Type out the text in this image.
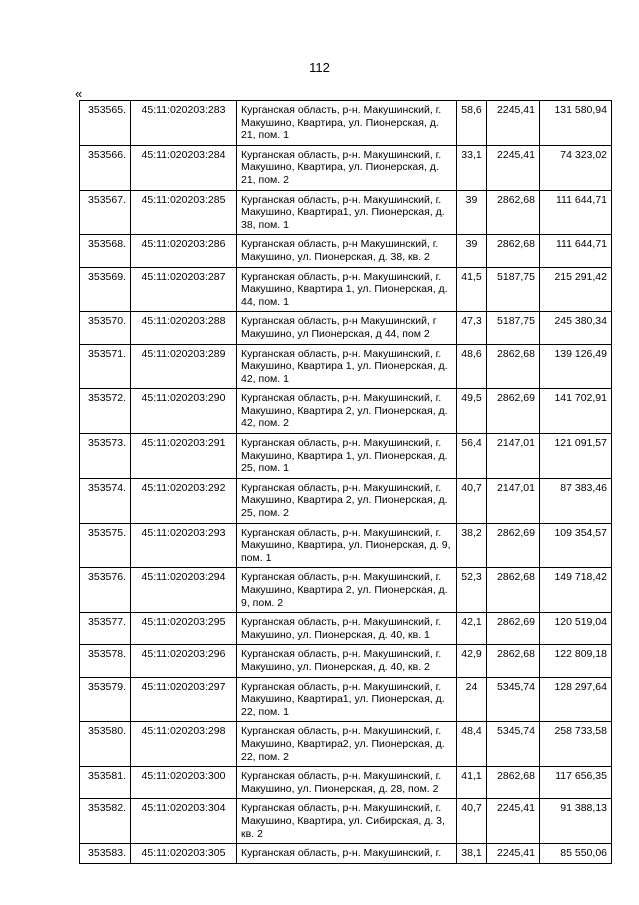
112
«
353565.	45:11:020203:283	Курганская область, р-н. Макушинский, г. Макушино, Квартира, ул. Пионерская, д. 21, пом. 1	58,6	2245,41	131 580,94
353566.	45:11:020203:284	Курганская область, р-н. Макушинский, г. Макушино, Квартира, ул. Пионерская, д. 21, пом. 2	33,1	2245,41	74 323,02
353567.	45:11:020203:285	Курганская область, р-н. Макушинский, г. Макушино, Квартира1, ул. Пионерская, д. 38, пом. 1	39	2862,68	111 644,71
353568.	45:11:020203:286	Курганская область, р-н Макушинский, г. Макушино, ул. Пионерская, д. 38, кв. 2	39	2862,68	111 644,71
353569.	45:11:020203:287	Курганская область, р-н. Макушинский, г. Макушино, Квартира 1, ул. Пионерская, д. 44, пом. 1	41,5	5187,75	215 291,42
353570.	45:11:020203:288	Курганская область, р-н Макушинский, г Макушино, ул Пионерская, д 44, пом 2	47,3	5187,75	245 380,34
353571.	45:11:020203:289	Курганская область, р-н. Макушинский, г. Макушино, Квартира 1, ул. Пионерская, д. 42, пом. 1	48,6	2862,68	139 126,49
353572.	45:11:020203:290	Курганская область, р-н. Макушинский, г. Макушино, Квартира 2, ул. Пионерская, д. 42, пом. 2	49,5	2862,69	141 702,91
353573.	45:11:020203:291	Курганская область, р-н. Макушинский, г. Макушино, Квартира 1, ул. Пионерская, д. 25, пом. 1	56,4	2147,01	121 091,57
353574.	45:11:020203:292	Курганская область, р-н. Макушинский, г. Макушино, Квартира 2, ул. Пионерская, д. 25, пом. 2	40,7	2147,01	87 383,46
353575.	45:11:020203:293	Курганская область, р-н. Макушинский, г. Макушино, Квартира, ул. Пионерская, д. 9, пом. 1	38,2	2862,69	109 354,57
353576.	45:11:020203:294	Курганская область, р-н. Макушинский, г. Макушино, Квартира 2, ул. Пионерская, д. 9, пом. 2	52,3	2862,68	149 718,42
353577.	45:11:020203:295	Курганская область, р-н. Макушинский, г. Макушино, ул. Пионерская, д. 40, кв. 1	42,1	2862,69	120 519,04
353578.	45:11:020203:296	Курганская область, р-н. Макушинский, г. Макушино, ул. Пионерская, д. 40, кв. 2	42,9	2862,68	122 809,18
353579.	45:11:020203:297	Курганская область, р-н. Макушинский, г. Макушино, Квартира1, ул. Пионерская, д. 22, пом. 1	24	5345,74	128 297,64
353580.	45:11:020203:298	Курганская область, р-н. Макушинский, г. Макушино, Квартира2, ул. Пионерская, д. 22, пом. 2	48,4	5345,74	258 733,58
353581.	45:11:020203:300	Курганская область, р-н. Макушинский, г. Макушино, ул. Пионерская, д. 28, пом. 2	41,1	2862,68	117 656,35
353582.	45:11:020203:304	Курганская область, р-н. Макушинский, г. Макушино, Квартира, ул. Сибирская, д. 3, кв. 2	40,7	2245,41	91 388,13
353583.	45:11:020203:305	Курганская область, р-н. Макушинский, г.	38,1	2245,41	85 550,06
